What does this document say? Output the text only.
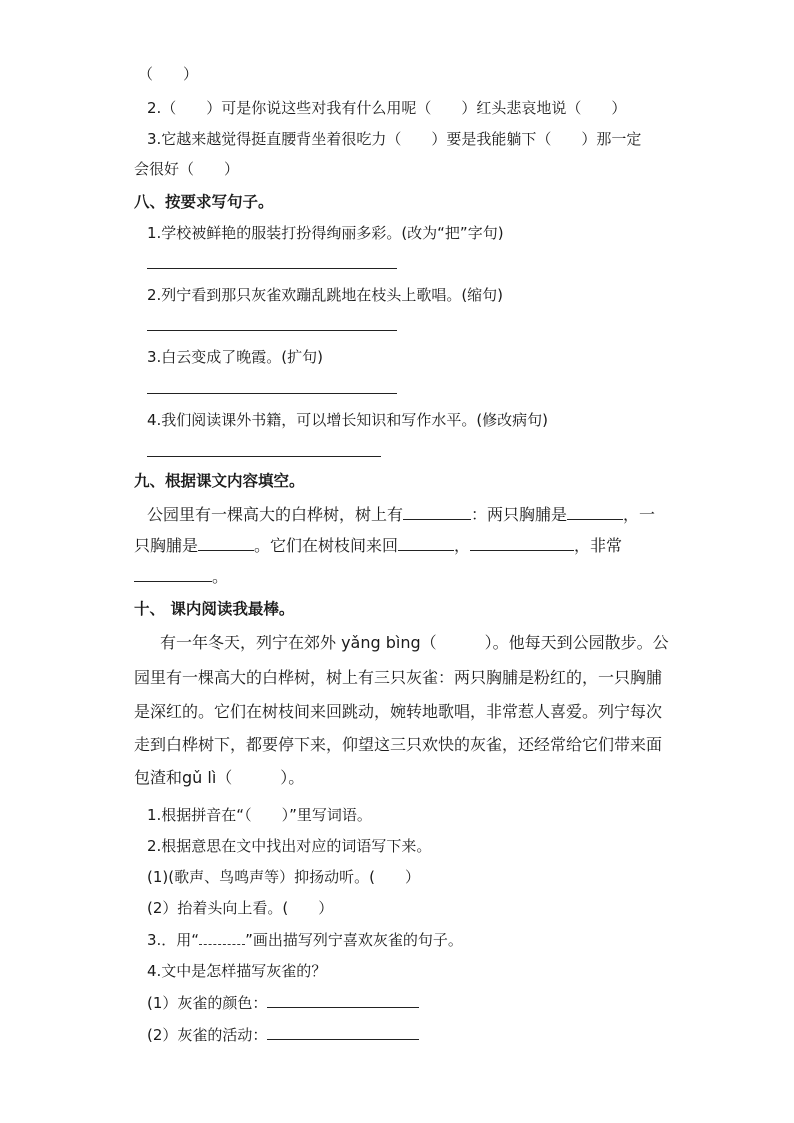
（　　）
2.（　　）可是你说这些对我有什么用呢（　　）红头悲哀地说（　　）
3.它越来越觉得挺直腰背坐着很吃力（　　）要是我能躺下（　　）那一定
会很好（　　）
八、按要求写句子。
1.学校被鲜艳的服装打扮得绚丽多彩。(改为“把”字句)
2.列宁看到那只灰雀欢蹦乱跳地在枝头上歌唱。(缩句)
3.白云变成了晚霞。(扩句)
4.我们阅读课外书籍，可以增长知识和写作水平。(修改病句)
九、根据课文内容填空。
公园里有一棵高大的白桦树，树上有	：两只胸脯是	，一
只胸脯是	。它们在树枝间来回	，	，非常
。
十、 课内阅读我最棒。
有一年冬天，列宁在郊外 yǎng bìng（　　　）。他每天到公园散步。公
园里有一棵高大的白桦树，树上有三只灰雀：两只胸脯是粉红的，一只胸脯
是深红的。它们在树枝间来回跳动，婉转地歌唱，非常惹人喜爱。列宁每次
走到白桦树下，都要停下来，仰望这三只欢快的灰雀，还经常给它们带来面
包渣和gǔ lì（　　　）。
1.根据拼音在“（　　）”里写词语。
2.根据意思在文中找出对应的词语写下来。
(1)(歌声、鸟鸣声等）抑扬动听。(　　）
(2）抬着头向上看。(　　）
3.．用“	”画出描写列宁喜欢灰雀的句子。
4.文中是怎样描写灰雀的？
(1）灰雀的颜色：
(2）灰雀的活动：
